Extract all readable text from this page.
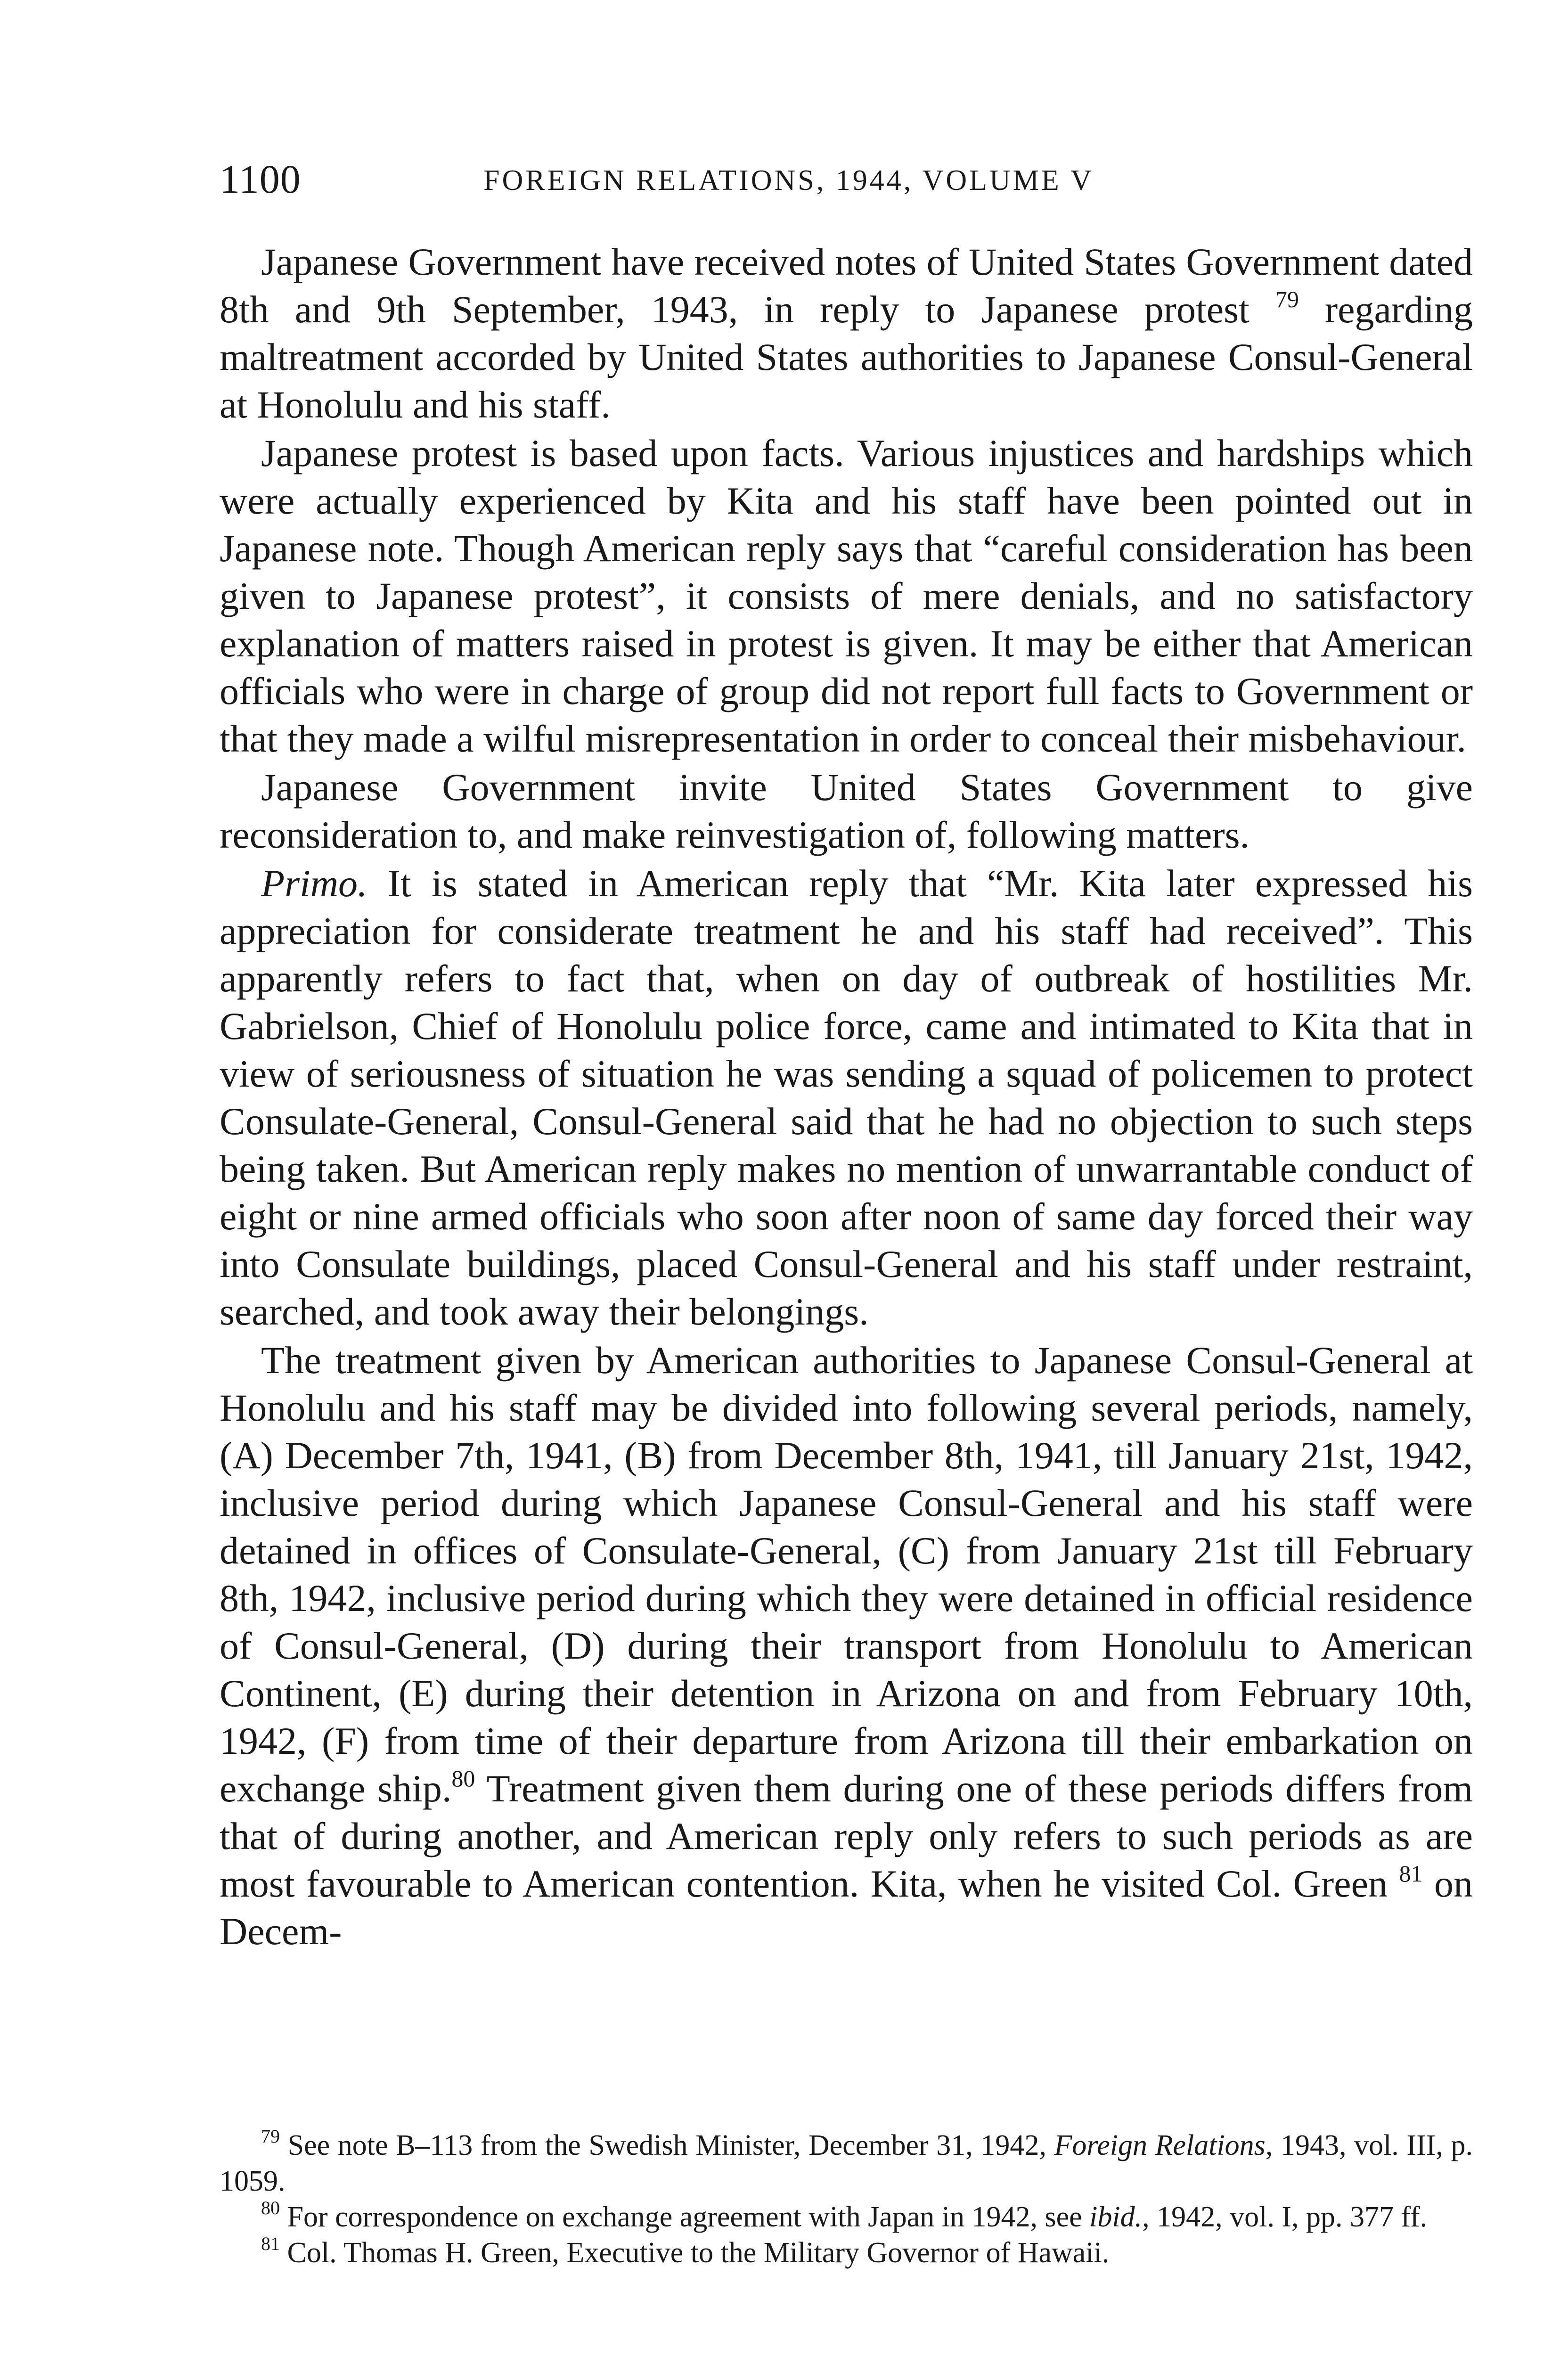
1100	FOREIGN RELATIONS, 1944, VOLUME V

Japanese Government have received notes of United States Government dated 8th and 9th September, 1943, in reply to Japanese protest $^{79}$ regarding maltreatment accorded by United States authorities to Japanese Consul-General at Honolulu and his staff.

Japanese protest is based upon facts. Various injustices and hardships which were actually experienced by Kita and his staff have been pointed out in Japanese note. Though American reply says that “careful consideration has been given to Japanese protest”, it consists of mere denials, and no satisfactory explanation of matters raised in protest is given. It may be either that American officials who were in charge of group did not report full facts to Government or that they made a wilful misrepresentation in order to conceal their misbehaviour.

Japanese Government invite United States Government to give reconsideration to, and make reinvestigation of, following matters.

Primo. It is stated in American reply that “Mr. Kita later expressed his appreciation for considerate treatment he and his staff had received”. This apparently refers to fact that, when on day of outbreak of hostilities Mr. Gabrielson, Chief of Honolulu police force, came and intimated to Kita that in view of seriousness of situation he was sending a squad of policemen to protect Consulate-General, Consul-General said that he had no objection to such steps being taken. But American reply makes no mention of unwarrantable conduct of eight or nine armed officials who soon after noon of same day forced their way into Consulate buildings, placed Consul-General and his staff under restraint, searched, and took away their belongings.

The treatment given by American authorities to Japanese Consul-General at Honolulu and his staff may be divided into following several periods, namely, (A) December 7th, 1941, (B) from December 8th, 1941, till January 21st, 1942, inclusive period during which Japanese Consul-General and his staff were detained in offices of Consulate-General, (C) from January 21st till February 8th, 1942, inclusive period during which they were detained in official residence of Consul-General, (D) during their transport from Honolulu to American Continent, (E) during their detention in Arizona on and from February 10th, 1942, (F) from time of their departure from Arizona till their embarkation on exchange ship.$^{80}$ Treatment given them during one of these periods differs from that of during another, and American reply only refers to such periods as are most favourable to American contention. Kita, when he visited Col. Green $^{81}$ on Decem-

$^{79}$ See note B–113 from the Swedish Minister, December 31, 1942, Foreign Relations, 1943, vol. III, p. 1059.

$^{80}$ For correspondence on exchange agreement with Japan in 1942, see ibid., 1942, vol. I, pp. 377 ff.

$^{81}$ Col. Thomas H. Green, Executive to the Military Governor of Hawaii.
